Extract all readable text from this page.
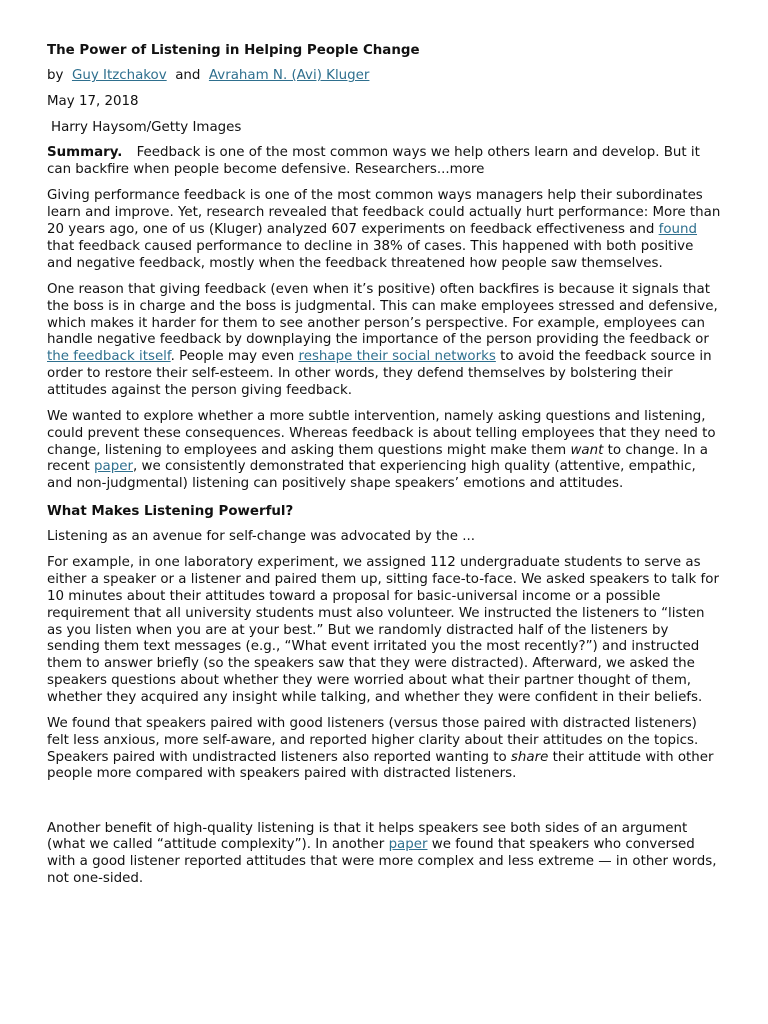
The Power of Listening in Helping People Change
by Guy Itzchakov and Avraham N. (Avi) Kluger
May 17, 2018
Harry Haysom/Getty Images

Summary. Feedback is one of the most common ways we help others learn and develop. But it can backfire when people become defensive. Researchers...more

Giving performance feedback is one of the most common ways managers help their subordinates learn and improve. Yet, research revealed that feedback could actually hurt performance: More than 20 years ago, one of us (Kluger) analyzed 607 experiments on feedback effectiveness and found that feedback caused performance to decline in 38% of cases. This happened with both positive and negative feedback, mostly when the feedback threatened how people saw themselves.

One reason that giving feedback (even when it’s positive) often backfires is because it signals that the boss is in charge and the boss is judgmental. This can make employees stressed and defensive, which makes it harder for them to see another person’s perspective. For example, employees can handle negative feedback by downplaying the importance of the person providing the feedback or the feedback itself. People may even reshape their social networks to avoid the feedback source in order to restore their self-esteem. In other words, they defend themselves by bolstering their attitudes against the person giving feedback.

We wanted to explore whether a more subtle intervention, namely asking questions and listening, could prevent these consequences. Whereas feedback is about telling employees that they need to change, listening to employees and asking them questions might make them want to change. In a recent paper, we consistently demonstrated that experiencing high quality (attentive, empathic, and non-judgmental) listening can positively shape speakers’ emotions and attitudes.

What Makes Listening Powerful?

Listening as an avenue for self-change was advocated by the ...

For example, in one laboratory experiment, we assigned 112 undergraduate students to serve as either a speaker or a listener and paired them up, sitting face-to-face. We asked speakers to talk for 10 minutes about their attitudes toward a proposal for basic-universal income or a possible requirement that all university students must also volunteer. We instructed the listeners to “listen as you listen when you are at your best.” But we randomly distracted half of the listeners by sending them text messages (e.g., “What event irritated you the most recently?”) and instructed them to answer briefly (so the speakers saw that they were distracted). Afterward, we asked the speakers questions about whether they were worried about what their partner thought of them, whether they acquired any insight while talking, and whether they were confident in their beliefs.

We found that speakers paired with good listeners (versus those paired with distracted listeners) felt less anxious, more self-aware, and reported higher clarity about their attitudes on the topics. Speakers paired with undistracted listeners also reported wanting to share their attitude with other people more compared with speakers paired with distracted listeners.

Another benefit of high-quality listening is that it helps speakers see both sides of an argument (what we called “attitude complexity”). In another paper we found that speakers who conversed with a good listener reported attitudes that were more complex and less extreme — in other words, not one-sided.
